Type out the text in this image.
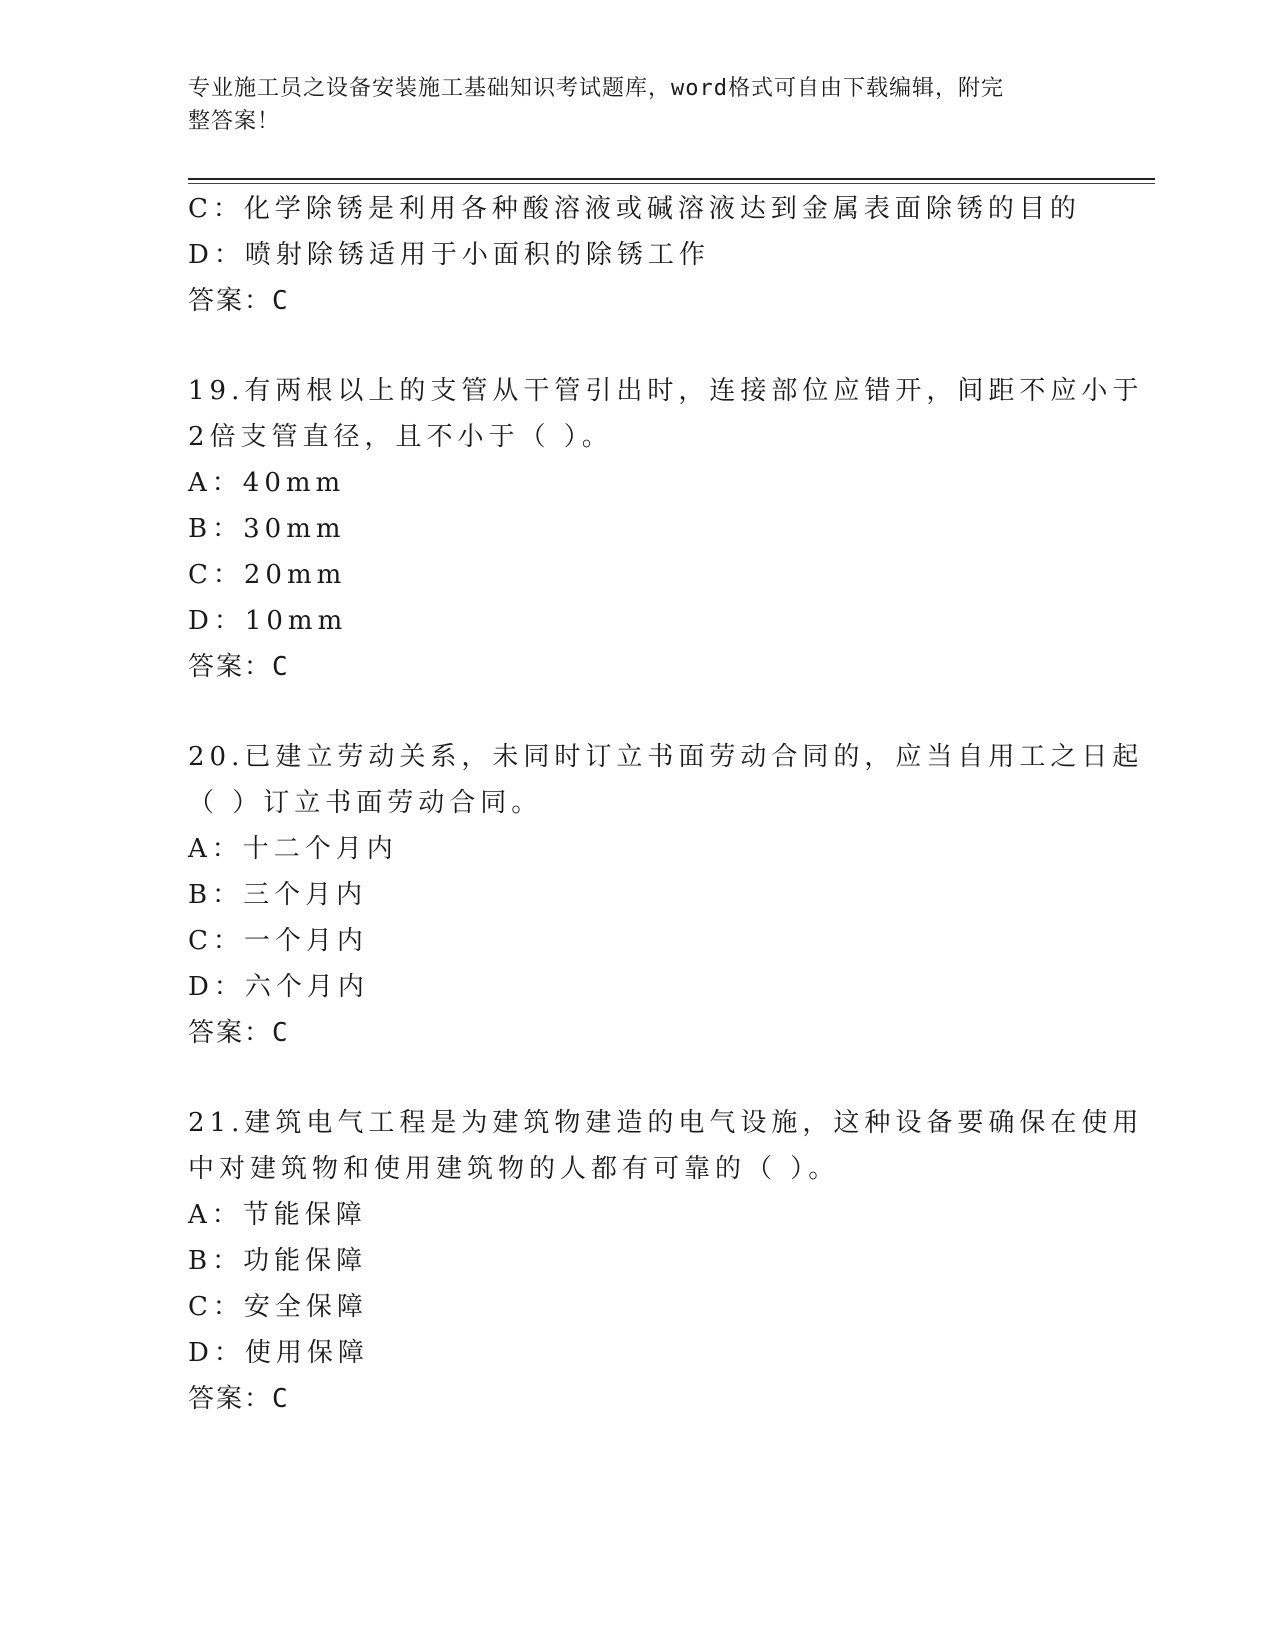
专业施工员之设备安装施工基础知识考试题库，word格式可自由下载编辑，附完
整答案！
C：化学除锈是利用各种酸溶液或碱溶液达到金属表面除锈的目的
D：喷射除锈适用于小面积的除锈工作
答案：C
19.有两根以上的支管从干管引出时，连接部位应错开，间距不应小于
2倍支管直径，且不小于（ ）。
A：40mm
B：30mm
C：20mm
D：10mm
答案：C
20.已建立劳动关系，未同时订立书面劳动合同的，应当自用工之日起
（ ）订立书面劳动合同。
A：十二个月内
B：三个月内
C：一个月内
D：六个月内
答案：C
21.建筑电气工程是为建筑物建造的电气设施，这种设备要确保在使用
中对建筑物和使用建筑物的人都有可靠的（ ）。
A：节能保障
B：功能保障
C：安全保障
D：使用保障
答案：C
